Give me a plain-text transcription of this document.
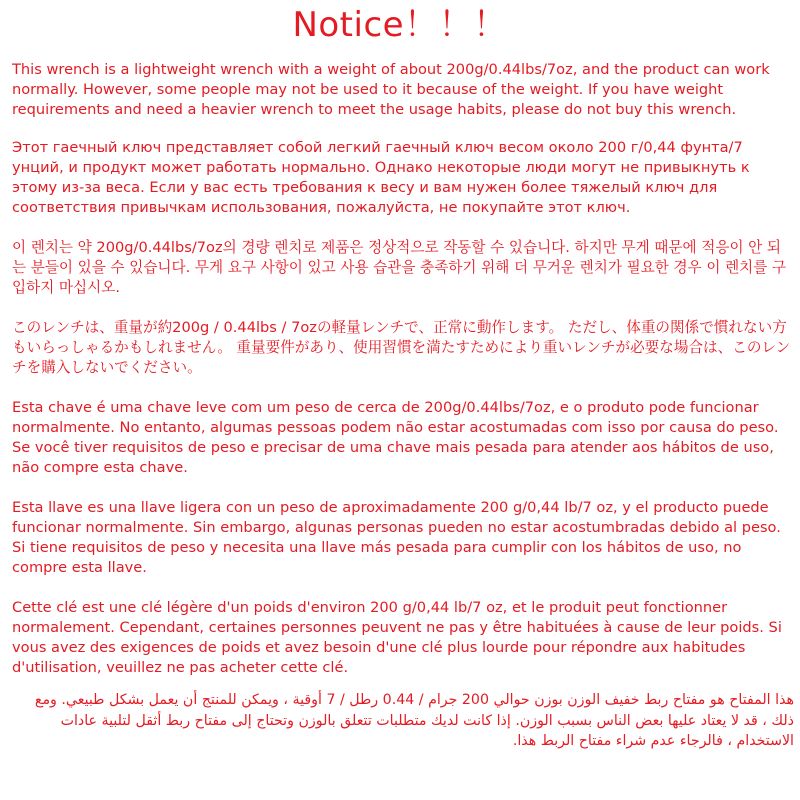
Notice！！！

This wrench is a lightweight wrench with a weight of about 200g/0.44lbs/7oz, and the product can work normally. However, some people may not be used to it because of the weight. If you have weight requirements and need a heavier wrench to meet the usage habits, please do not buy this wrench.

Этот гаечный ключ представляет собой легкий гаечный ключ весом около 200 г/0,44 фунта/7 унций, и продукт может работать нормально. Однако некоторые люди могут не привыкнуть к этому из-за веса. Если у вас есть требования к весу и вам нужен более тяжелый ключ для соответствия привычкам использования, пожалуйста, не покупайте этот ключ.

이 렌치는 약 200g/0.44lbs/7oz의 경량 렌치로 제품은 정상적으로 작동할 수 있습니다. 하지만 무게 때문에 적응이 안 되는 분들이 있을 수 있습니다. 무게 요구 사항이 있고 사용 습관을 충족하기 위해 더 무거운 렌치가 필요한 경우 이 렌치를 구입하지 마십시오.

このレンチは、重量が約200g / 0.44lbs / 7ozの軽量レンチで、正常に動作します。 ただし、体重の関係で慣れない方もいらっしゃるかもしれません。 重量要件があり、使用習慣を満たすためにより重いレンチが必要な場合は、このレンチを購入しないでください。

Esta chave é uma chave leve com um peso de cerca de 200g/0.44lbs/7oz, e o produto pode funcionar normalmente. No entanto, algumas pessoas podem não estar acostumadas com isso por causa do peso. Se você tiver requisitos de peso e precisar de uma chave mais pesada para atender aos hábitos de uso, não compre esta chave.

Esta llave es una llave ligera con un peso de aproximadamente 200 g/0,44 lb/7 oz, y el producto puede funcionar normalmente. Sin embargo, algunas personas pueden no estar acostumbradas debido al peso. Si tiene requisitos de peso y necesita una llave más pesada para cumplir con los hábitos de uso, no compre esta llave.

Cette clé est une clé légère d'un poids d'environ 200 g/0,44 lb/7 oz, et le produit peut fonctionner normalement. Cependant, certaines personnes peuvent ne pas y être habituées à cause de leur poids. Si vous avez des exigences de poids et avez besoin d'une clé plus lourde pour répondre aux habitudes d'utilisation, veuillez ne pas acheter cette clé.

هذا المفتاح هو مفتاح ربط خفيف الوزن بوزن حوالي 200 جرام / 0.44 رطل / 7 أوقية ، ويمكن للمنتج أن يعمل بشكل طبيعي. ومع ذلك ، قد لا يعتاد عليها بعض الناس بسبب الوزن. إذا كانت لديك متطلبات تتعلق بالوزن وتحتاج إلى مفتاح ربط أثقل لتلبية عادات الاستخدام ، فالرجاء عدم شراء مفتاح الربط هذا.
